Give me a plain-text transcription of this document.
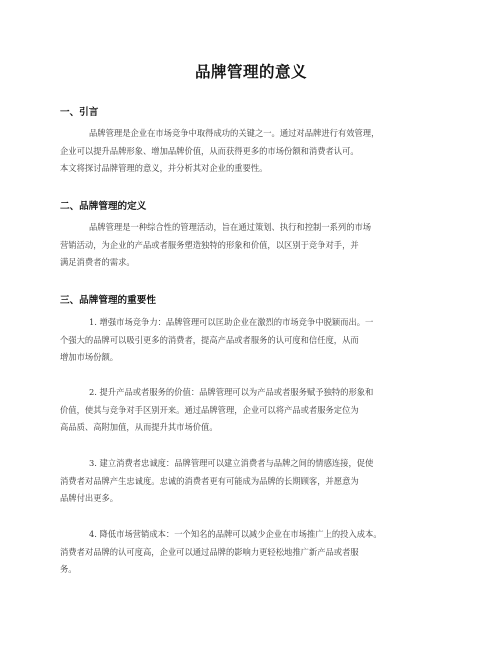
品牌管理的意义
一、引言
品牌管理是企业在市场竞争中取得成功的关键之一。通过对品牌进行有效管理，
企业可以提升品牌形象、增加品牌价值，从而获得更多的市场份额和消费者认可。
本文将探讨品牌管理的意义，并分析其对企业的重要性。
二、品牌管理的定义
品牌管理是一种综合性的管理活动，旨在通过策划、执行和控制一系列的市场
营销活动，为企业的产品或者服务塑造独特的形象和价值，以区别于竞争对手，并
满足消费者的需求。
三、品牌管理的重要性
1. 增强市场竞争力：品牌管理可以匡助企业在激烈的市场竞争中脱颖而出。一
个强大的品牌可以吸引更多的消费者，提高产品或者服务的认可度和信任度，从而
增加市场份额。
2. 提升产品或者服务的价值：品牌管理可以为产品或者服务赋予独特的形象和
价值，使其与竞争对手区别开来。通过品牌管理，企业可以将产品或者服务定位为
高品质、高附加值，从而提升其市场价值。
3. 建立消费者忠诚度：品牌管理可以建立消费者与品牌之间的情感连接，促使
消费者对品牌产生忠诚度。忠诚的消费者更有可能成为品牌的长期顾客，并愿意为
品牌付出更多。
4. 降低市场营销成本：一个知名的品牌可以减少企业在市场推广上的投入成本。
消费者对品牌的认可度高，企业可以通过品牌的影响力更轻松地推广新产品或者服
务。
